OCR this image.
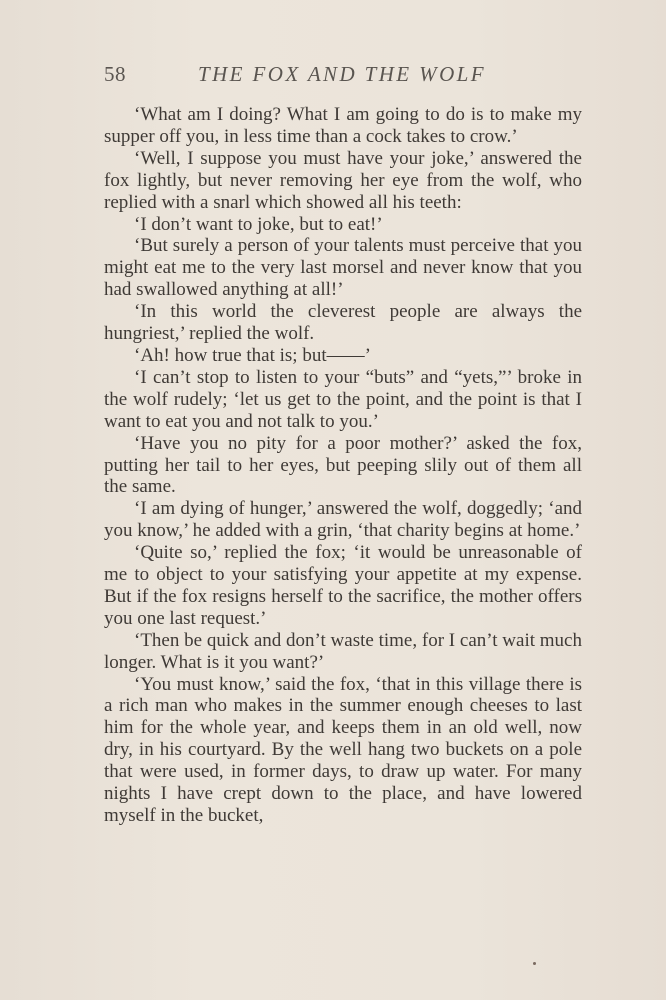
58	THE FOX AND THE WOLF

‘What am I doing? What I am going to do is to make my supper off you, in less time than a cock takes to crow.’

‘Well, I suppose you must have your joke,’ answered the fox lightly, but never removing her eye from the wolf, who replied with a snarl which showed all his teeth:

‘I don’t want to joke, but to eat!’

‘But surely a person of your talents must perceive that you might eat me to the very last morsel and never know that you had swallowed anything at all!’

‘In this world the cleverest people are always the hungriest,’ replied the wolf.

‘Ah! how true that is; but——’

‘I can’t stop to listen to your “buts” and “yets,”’ broke in the wolf rudely; ‘let us get to the point, and the point is that I want to eat you and not talk to you.’

‘Have you no pity for a poor mother?’ asked the fox, putting her tail to her eyes, but peeping slily out of them all the same.

‘I am dying of hunger,’ answered the wolf, doggedly; ‘and you know,’ he added with a grin, ‘that charity begins at home.’

‘Quite so,’ replied the fox; ‘it would be unreasonable of me to object to your satisfying your appetite at my expense. But if the fox resigns herself to the sacrifice, the mother offers you one last request.’

‘Then be quick and don’t waste time, for I can’t wait much longer. What is it you want?’

‘You must know,’ said the fox, ‘that in this village there is a rich man who makes in the summer enough cheeses to last him for the whole year, and keeps them in an old well, now dry, in his courtyard. By the well hang two buckets on a pole that were used, in former days, to draw up water. For many nights I have crept down to the place, and have lowered myself in the bucket,
